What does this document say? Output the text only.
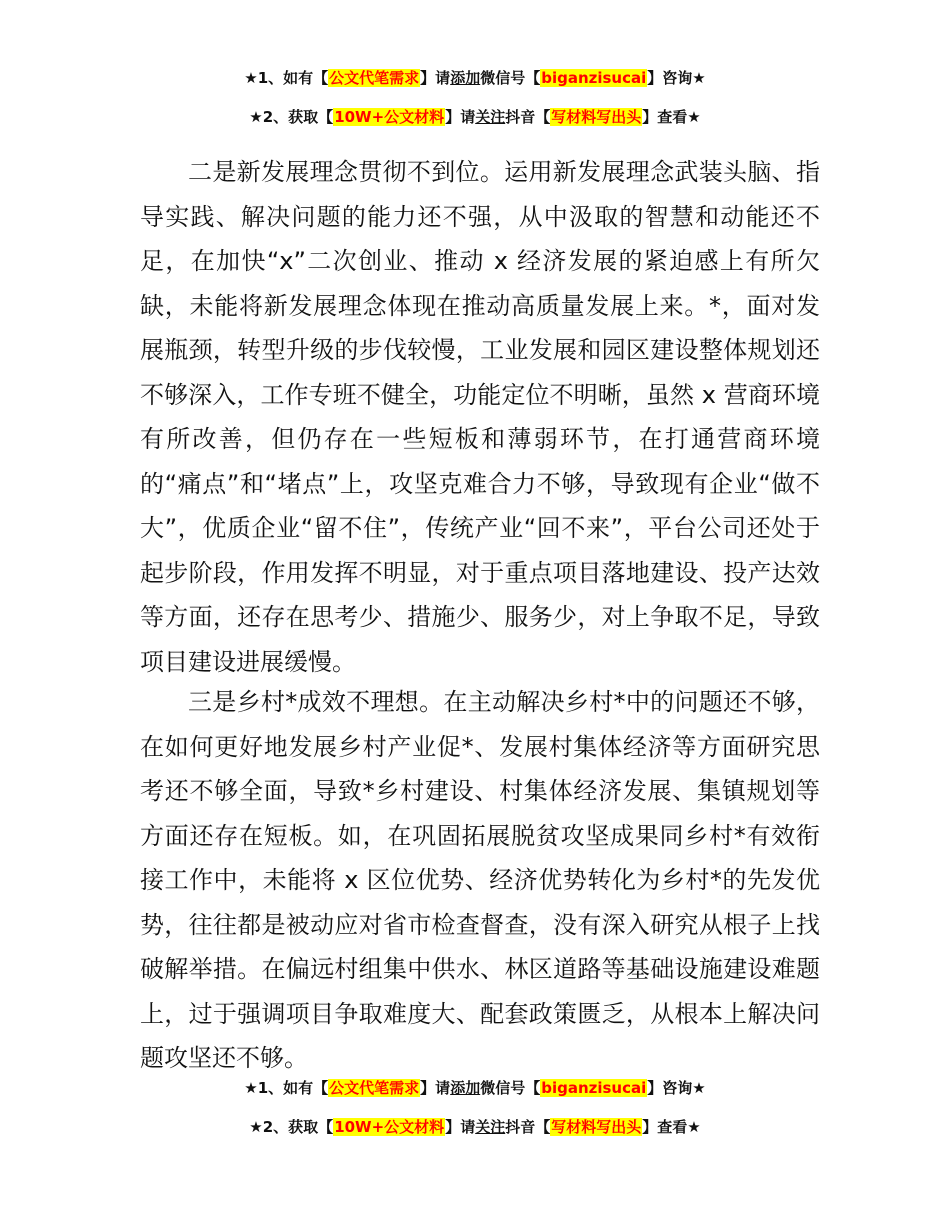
★1、如有【公文代笔需求】请添加微信号【biganzisucai】咨询★
★2、获取【10W+公文材料】请关注抖音【写材料写出头】查看★

二是新发展理念贯彻不到位。运用新发展理念武装头脑、指导实践、解决问题的能力还不强，从中汲取的智慧和动能还不足，在加快“x”二次创业、推动 x 经济发展的紧迫感上有所欠缺，未能将新发展理念体现在推动高质量发展上来。*，面对发展瓶颈，转型升级的步伐较慢，工业发展和园区建设整体规划还不够深入，工作专班不健全，功能定位不明晰，虽然 x 营商环境有所改善，但仍存在一些短板和薄弱环节，在打通营商环境的“痛点”和“堵点”上，攻坚克难合力不够，导致现有企业“做不大”，优质企业“留不住”，传统产业“回不来”，平台公司还处于起步阶段，作用发挥不明显，对于重点项目落地建设、投产达效等方面，还存在思考少、措施少、服务少，对上争取不足，导致项目建设进展缓慢。

三是乡村*成效不理想。在主动解决乡村*中的问题还不够，在如何更好地发展乡村产业促*、发展村集体经济等方面研究思考还不够全面，导致*乡村建设、村集体经济发展、集镇规划等方面还存在短板。如，在巩固拓展脱贫攻坚成果同乡村*有效衔接工作中，未能将 x 区位优势、经济优势转化为乡村*的先发优势，往往都是被动应对省市检查督查，没有深入研究从根子上找破解举措。在偏远村组集中供水、林区道路等基础设施建设难题上，过于强调项目争取难度大、配套政策匮乏，从根本上解决问题攻坚还不够。

★1、如有【公文代笔需求】请添加微信号【biganzisucai】咨询★
★2、获取【10W+公文材料】请关注抖音【写材料写出头】查看★
